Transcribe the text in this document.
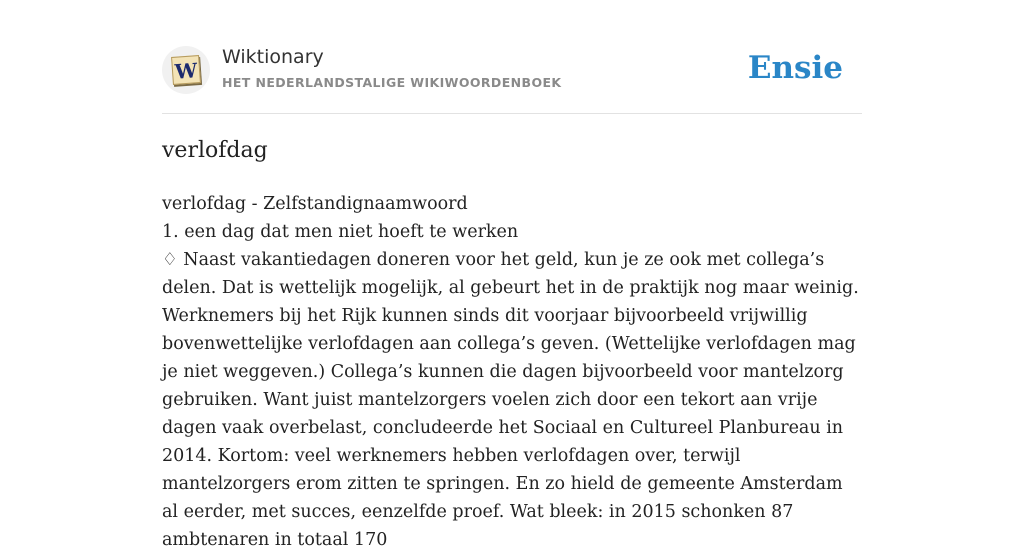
W
Wiktionary
HET NEDERLANDSTALIGE WIKIWOORDENBOEK	Ensie
verlofdag

verlofdag - Zelfstandignaamwoord

1. een dag dat men niet hoeft te werken

♢ Naast vakantiedagen doneren voor het geld, kun je ze ook met collega’s delen. Dat is wettelijk mogelijk, al gebeurt het in de praktijk nog maar weinig. Werknemers bij het Rijk kunnen sinds dit voorjaar bijvoorbeeld vrijwillig bovenwettelijke verlofdagen aan collega’s geven. (Wettelijke verlofdagen mag je niet weggeven.) Collega’s kunnen die dagen bijvoorbeeld voor mantelzorg gebruiken. Want juist mantelzorgers voelen zich door een tekort aan vrije dagen vaak overbelast, concludeerde het Sociaal en Cultureel Planbureau in 2014. Kortom: veel werknemers hebben verlofdagen over, terwijl mantelzorgers erom zitten te springen. En zo hield de gemeente Amsterdam al eerder, met succes, eenzelfde proef. Wat bleek: in 2015 schonken 87 ambtenaren in totaal 170
